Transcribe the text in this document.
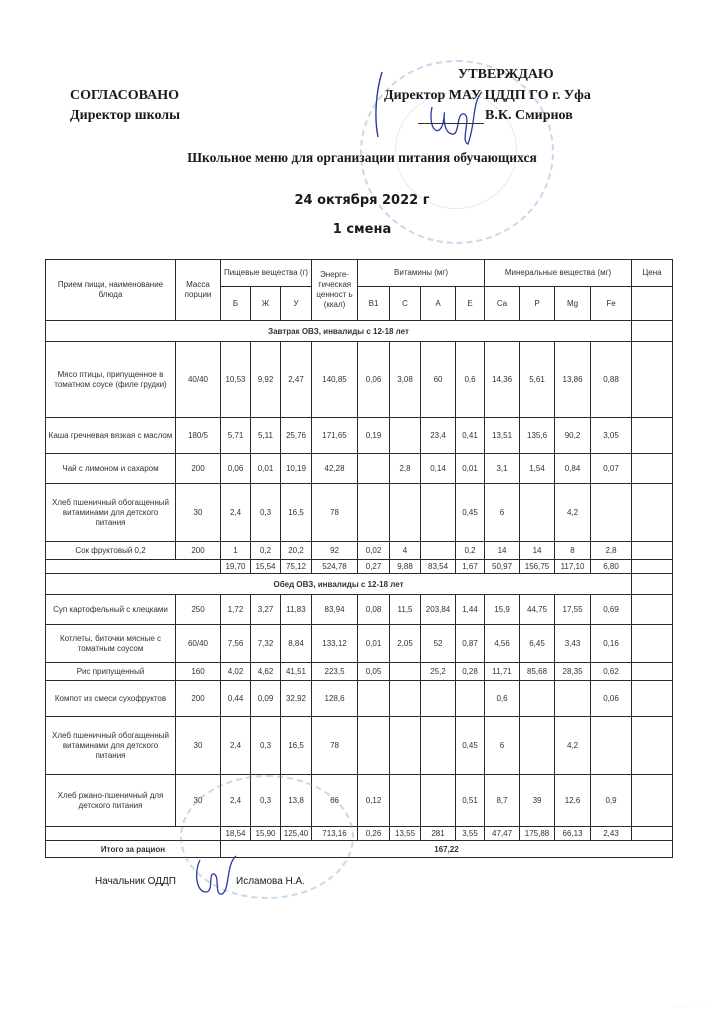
СОГЛАСОВАНО
Директор школы
УТВЕРЖДАЮ
Директор МАУ ЦДДП ГО г. Уфа
В.К. Смирнов
Школьное меню для организации питания обучающихся
24 октября 2022 г
1 смена
Прием пищи, наименование блюда	Масса порции	Пищевые вещества (г)			Энерге-тическая ценност ь (ккал)	Витамины (мг)				Минеральные вещества (мг)				Цена
		Б	Ж	У		В1	С	А	Е	Ca	P	Mg	Fe	
Завтрак ОВЗ, инвалиды с 12-18 лет														
Мясо птицы, припущенное в томатном соусе (филе грудки)	40/40	10,53	9,92	2,47	140,85	0,06	3,08	60	0,6	14,36	5,61	13,86	0,88	
Каша гречневая вязкая с маслом	180/5	5,71	5,11	25,76	171,65	0,19		23,4	0,41	13,51	135,6	90,2	3,05	
Чай с лимоном и сахаром	200	0,06	0,01	10,19	42,28		2,8	0,14	0,01	3,1	1,54	0,84	0,07	
Хлеб пшеничный обогащенный витаминами для детского питания	30	2,4	0,3	16,5	78				0,45	6		4,2		
Сок фруктовый 0,2	200	1	0,2	20,2	92	0,02	4		0,2	14	14	8	2,8	
		19,70	15,54	75,12	524,78	0,27	9,88	83,54	1,67	50,97	156,75	117,10	6,80	
Обед ОВЗ, инвалиды с 12-18 лет														
Суп картофельный с клецками	250	1,72	3,27	11,83	83,94	0,08	11,5	203,84	1,44	15,9	44,75	17,55	0,69	
Котлеты, биточки мясные с томатным соусом	60/40	7,56	7,32	8,84	133,12	0,01	2,05	52	0,87	4,56	6,45	3,43	0,16	
Рис припущенный	160	4,02	4,62	41,51	223,5	0,05		25,2	0,28	11,71	85,68	28,35	0,62	
Компот из смеси сухофруктов	200	0,44	0,09	32,92	128,6					0,6			0,06	
Хлеб пшеничный обогащенный витаминами для детского питания	30	2,4	0,3	16,5	78				0,45	6		4,2		
Хлеб ржано-пшеничный для детского питания	30	2,4	0,3	13,8	66	0,12			0,51	8,7	39	12,6	0,9	
		18,54	15,90	125,40	713,16	0,26	13,55	281	3,55	47,47	175,88	66,13	2,43	
Итого за рацион		167,22												
Начальник ОДДП	Исламова Н.А.
· · · ·
